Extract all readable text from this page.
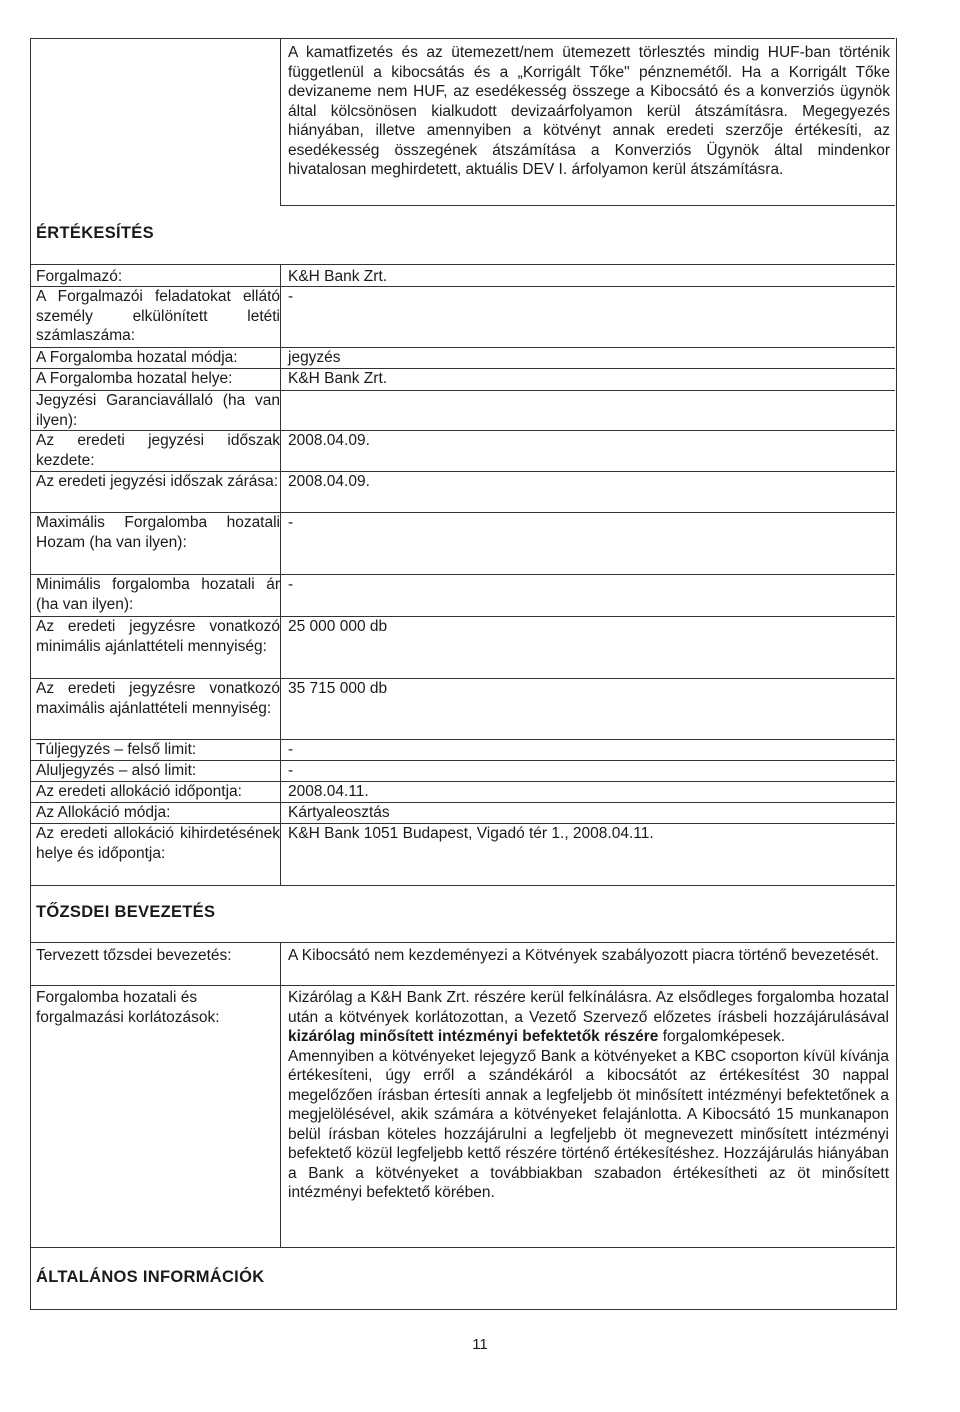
A kamatfizetés és az ütemezett/nem ütemezett törlesztés mindig HUF-ban történik függetlenül a kibocsátás és a „Korrigált Tőke" pénznemétől. Ha a Korrigált Tőke devizaneme nem HUF, az esedékesség összege a Kibocsátó és a konverziós ügynök által kölcsönösen kialkudott devizaárfolyamon kerül átszámításra. Megegyezés hiányában, illetve amennyiben a kötvényt annak eredeti szerzője értékesíti, az esedékesség összegének átszámítása a Konverziós Ügynök által mindenkor hivatalosan meghirdetett, aktuális DEV I. árfolyamon kerül átszámításra.
ÉRTÉKESÍTÉS
Forgalmazó:	K&H Bank Zrt.
A Forgalmazói feladatokat ellátó személy elkülönített letéti számlaszáma:
-
A Forgalomba hozatal módja:	jegyzés
A Forgalomba hozatal helye:	K&H Bank Zrt.
Jegyzési Garanciavállaló (ha van ilyen):
Az eredeti jegyzési időszak kezdete:
2008.04.09.
Az eredeti jegyzési időszak zárása: 2008.04.09.
Maximális Forgalomba hozatali Hozam (ha van ilyen):
-
Minimális forgalomba hozatali ár (ha van ilyen):
-
Az eredeti jegyzésre vonatkozó minimális ajánlattételi mennyiség:
25 000 000 db
Az eredeti jegyzésre vonatkozó maximális ajánlattételi mennyiség:
35 715 000 db
Túljegyzés – felső limit:	-
Aluljegyzés – alsó limit:	-
Az eredeti allokáció időpontja:	2008.04.11.
Az Allokáció módja:	Kártyaleosztás
Az eredeti allokáció kihirdetésének helye és időpontja:
K&H Bank 1051 Budapest, Vigadó tér 1., 2008.04.11.
TŐZSDEI BEVEZETÉS
Tervezett tőzsdei bevezetés:	A Kibocsátó nem kezdeményezi a Kötvények szabályozott piacra történő bevezetését.
Forgalomba hozatali és forgalmazási korlátozások:
Kizárólag a K&H Bank Zrt. részére kerül felkínálásra. Az elsődleges forgalomba hozatal után a kötvények korlátozottan, a Vezető Szervező előzetes írásbeli hozzájárulásával kizárólag minősített intézményi befektetők részére forgalomképesek.
Amennyiben a kötvényeket lejegyző Bank a kötvényeket a KBC csoporton kívül kívánja értékesíteni, úgy erről a szándékáról a kibocsátót az értékesítést 30 nappal megelőzően írásban értesíti annak a legfeljebb öt minősített intézményi befektetőnek a megjelölésével, akik számára a kötvényeket felajánlotta. A Kibocsátó 15 munkanapon belül írásban köteles hozzájárulni a legfeljebb öt megnevezett minősített intézményi befektető közül legfeljebb kettő részére történő értékesítéshez. Hozzájárulás hiányában a Bank a kötvényeket a továbbiakban szabadon értékesítheti az öt minősített intézményi befektető körében.
ÁLTALÁNOS INFORMÁCIÓK
11
